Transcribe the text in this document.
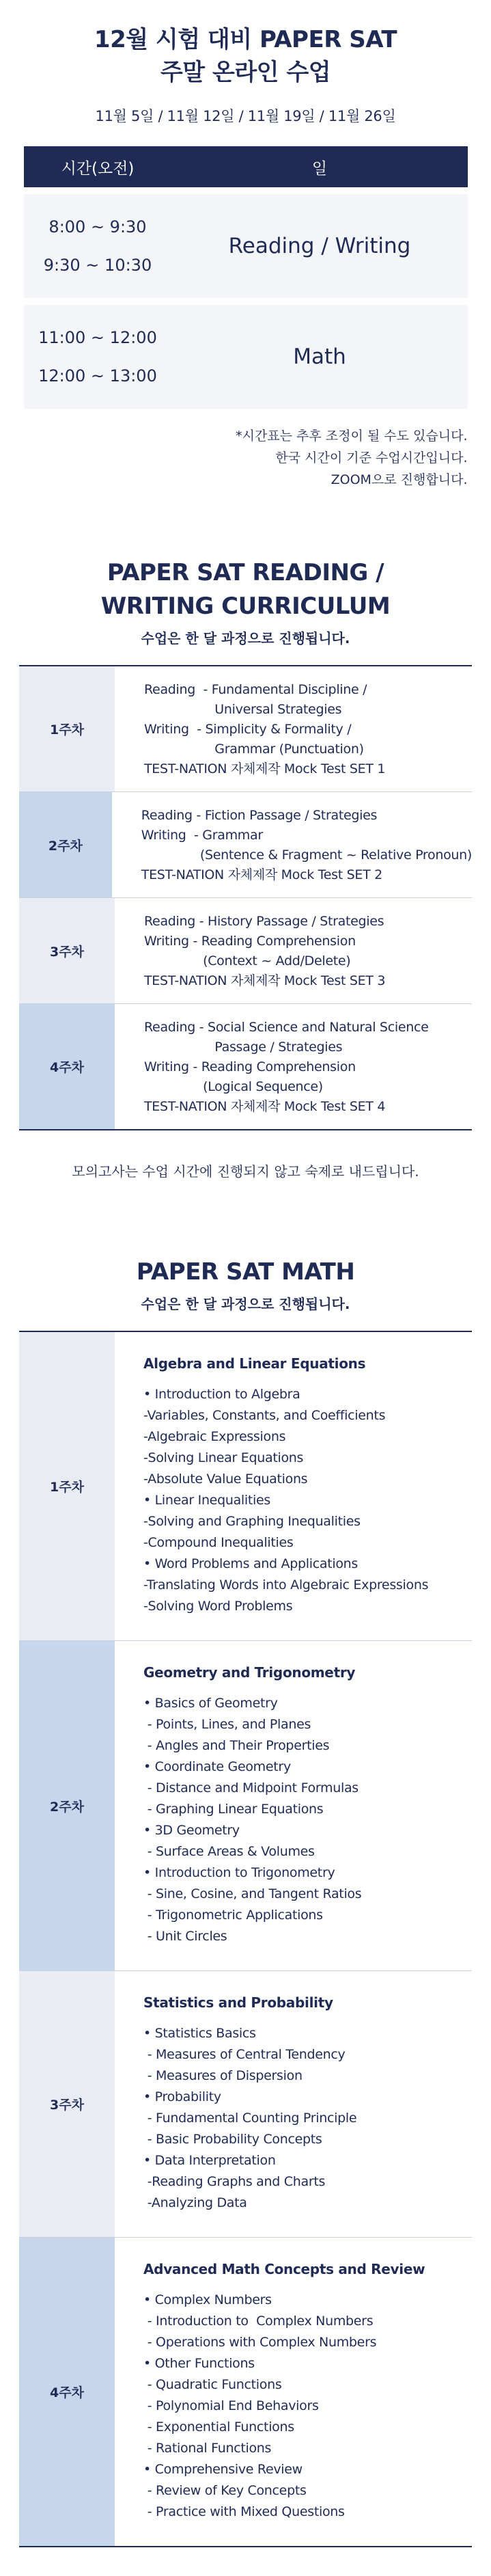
12월 시험 대비 PAPER SAT
주말 온라인 수업
11월 5일 / 11월 12일 / 11월 19일 / 11월 26일
시간(오전)	일
8:00 ~ 9:30
9:30 ~ 10:30
Reading / Writing
11:00 ~ 12:00
12:00 ~ 13:00
Math
*시간표는 추후 조정이 될 수도 있습니다.
한국 시간이 기준 수업시간입니다.
ZOOM으로 진행합니다.
PAPER SAT READING /
WRITING CURRICULUM
수업은 한 달 과정으로 진행됩니다.
1주차
Reading  - Fundamental Discipline /
Universal Strategies
Writing  - Simplicity & Formality /
Grammar (Punctuation)
TEST-NATION 자체제작 Mock Test SET 1
2주차
Reading - Fiction Passage / Strategies
Writing  - Grammar
(Sentence & Fragment ~ Relative Pronoun)
TEST-NATION 자체제작 Mock Test SET 2
3주차
Reading - History Passage / Strategies
Writing - Reading Comprehension
(Context ~ Add/Delete)
TEST-NATION 자체제작 Mock Test SET 3
4주차
Reading - Social Science and Natural Science
Passage / Strategies
Writing - Reading Comprehension
(Logical Sequence)
TEST-NATION 자체제작 Mock Test SET 4
모의고사는 수업 시간에 진행되지 않고 숙제로 내드립니다.
PAPER SAT MATH
수업은 한 달 과정으로 진행됩니다.
1주차
Algebra and Linear Equations
• Introduction to Algebra
-Variables, Constants, and Coefficients
-Algebraic Expressions
-Solving Linear Equations
-Absolute Value Equations
• Linear Inequalities
-Solving and Graphing Inequalities
-Compound Inequalities
• Word Problems and Applications
-Translating Words into Algebraic Expressions
-Solving Word Problems
2주차
Geometry and Trigonometry
• Basics of Geometry
- Points, Lines, and Planes
- Angles and Their Properties
• Coordinate Geometry
- Distance and Midpoint Formulas
- Graphing Linear Equations
• 3D Geometry
- Surface Areas & Volumes
• Introduction to Trigonometry
- Sine, Cosine, and Tangent Ratios
- Trigonometric Applications
- Unit Circles
3주차
Statistics and Probability
• Statistics Basics
- Measures of Central Tendency
- Measures of Dispersion
• Probability
- Fundamental Counting Principle
- Basic Probability Concepts
• Data Interpretation
-Reading Graphs and Charts
-Analyzing Data
4주차
Advanced Math Concepts and Review
• Complex Numbers
- Introduction to  Complex Numbers
- Operations with Complex Numbers
• Other Functions
- Quadratic Functions
- Polynomial End Behaviors
- Exponential Functions
- Rational Functions
• Comprehensive Review
- Review of Key Concepts
- Practice with Mixed Questions
